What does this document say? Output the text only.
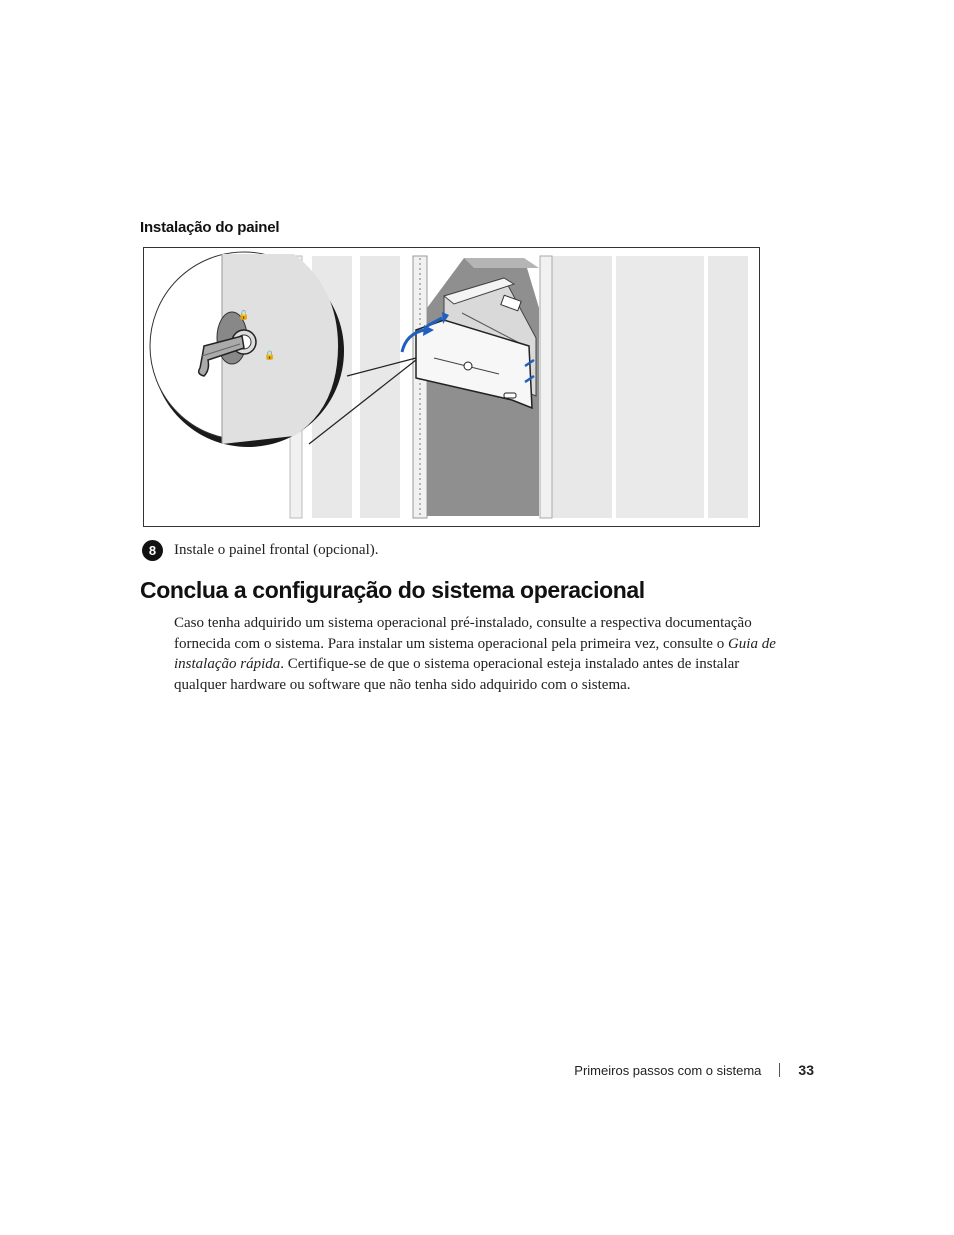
Instalação do painel
🔓
🔒
8	Instale o painel frontal (opcional).
Conclua a configuração do sistema operacional

Caso tenha adquirido um sistema operacional pré-instalado, consulte a respectiva documentação fornecida com o sistema. Para instalar um sistema operacional pela primeira vez, consulte o Guia de instalação rápida. Certifique-se de que o sistema operacional esteja instalado antes de instalar qualquer hardware ou software que não tenha sido adquirido com o sistema.

Primeiros passos com o sistema	33
